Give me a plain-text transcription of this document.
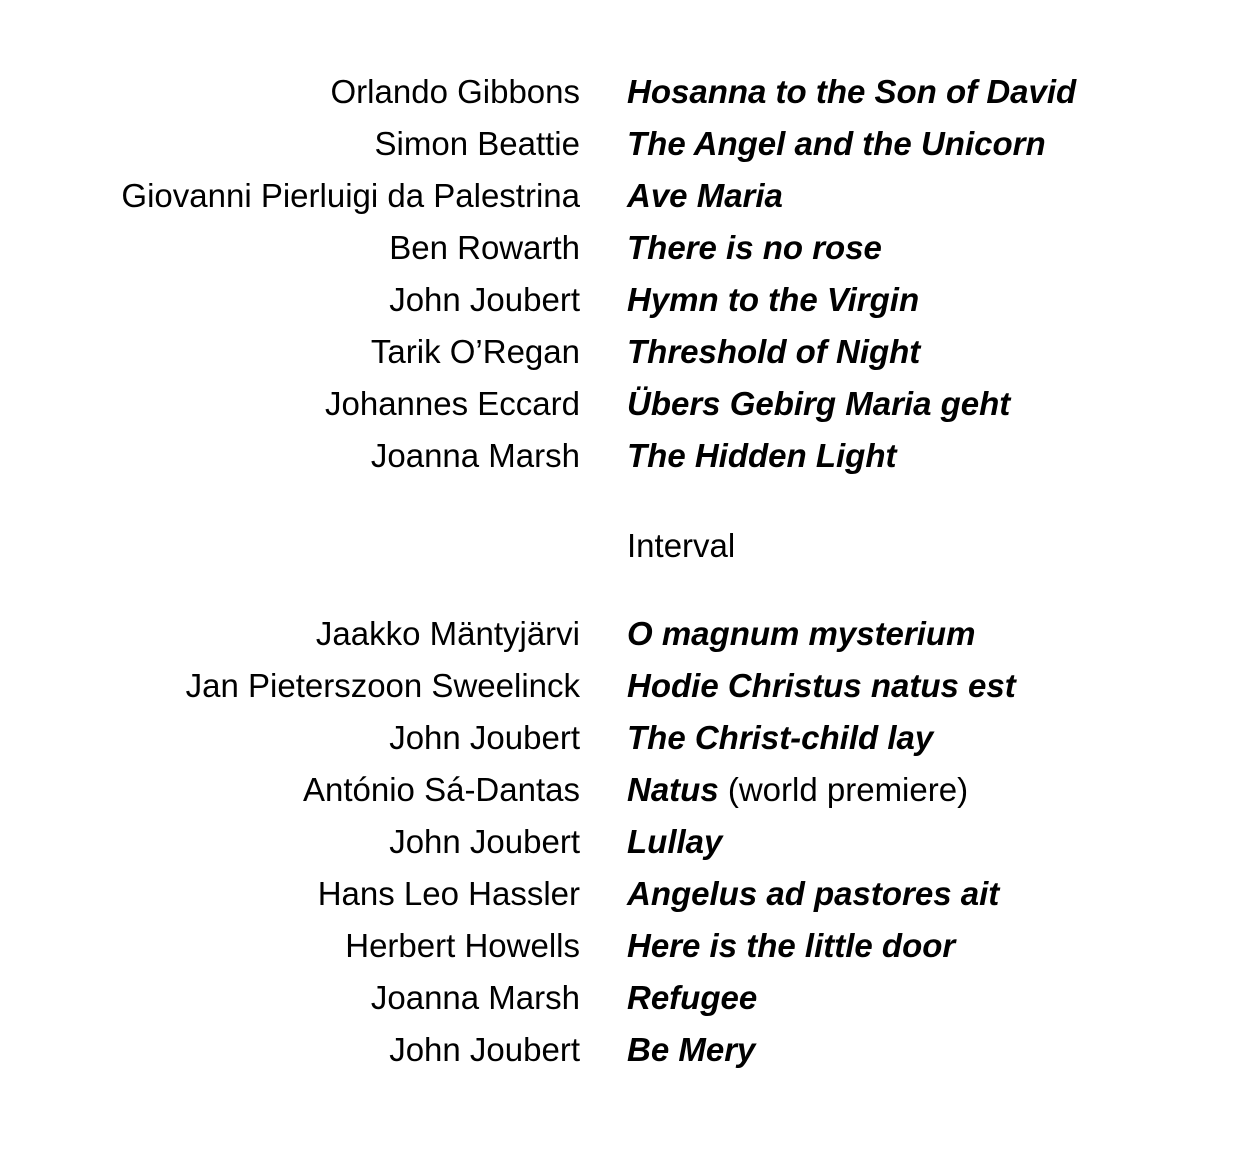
Orlando Gibbons Hosanna to the Son of David
Simon Beattie The Angel and the Unicorn
Giovanni Pierluigi da Palestrina Ave Maria
Ben Rowarth There is no rose
John Joubert Hymn to the Virgin
Tarik O’Regan Threshold of Night
Johannes Eccard Übers Gebirg Maria geht
Joanna Marsh The Hidden Light
Interval
Jaakko Mäntyjärvi O magnum mysterium
Jan Pieterszoon Sweelinck Hodie Christus natus est
John Joubert The Christ-child lay
António Sá-Dantas Natus (world premiere)
John Joubert Lullay
Hans Leo Hassler Angelus ad pastores ait
Herbert Howells Here is the little door
Joanna Marsh Refugee
John Joubert Be Mery
